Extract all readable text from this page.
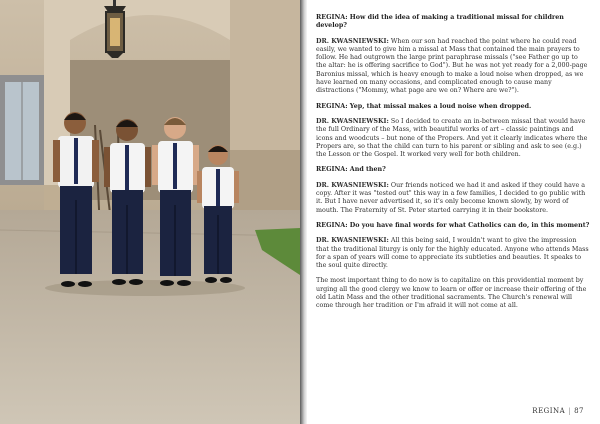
REGINA: How did the idea of making a traditional missal for children develop?

DR. KWASNIEWSKI: When our son had reached the point where he could read easily, we wanted to give him a missal at Mass that contained the main prayers to follow. He had outgrown the large print paraphrase missals ("see Father go up to the altar: he is offering sacrifice to God"). But he was not yet ready for a 2,000-page Baronius missal, which is heavy enough to make a loud noise when dropped, as we have learned on many occasions, and complicated enough to cause many distractions ("Mommy, what page are we on? Where are we?").

REGINA: Yep, that missal makes a loud noise when dropped.

DR. KWASNIEWSKI: So I decided to create an in-between missal that would have the full Ordinary of the Mass, with beautiful works of art – classic paintings and icons and woodcuts – but none of the Propers. And yet it clearly indicates where the Propers are, so that the child can turn to his parent or sibling and ask to see (e.g.) the Lesson or the Gospel. It worked very well for both children.

REGINA: And then?

DR. KWASNIEWSKI: Our friends noticed we had it and asked if they could have a copy. After it was "tested out" this way in a few families, I decided to go public with it. But I have never advertised it, so it's only become known slowly, by word of mouth. The Fraternity of St. Peter started carrying it in their bookstore.

REGINA: Do you have final words for what Catholics can do, in this moment?

DR. KWASNIEWSKI: All this being said, I wouldn't want to give the impression that the traditional liturgy is only for the highly educated. Anyone who attends Mass for a span of years will come to appreciate its subtleties and beauties. It speaks to the soul quite directly.

The most important thing to do now is to capitalize on this providential moment by urging all the good clergy we know to learn or offer or increase their offering of the old Latin Mass and the other traditional sacraments. The Church's renewal will come through her tradition or I'm afraid it will not come at all.

REGINA | 87
